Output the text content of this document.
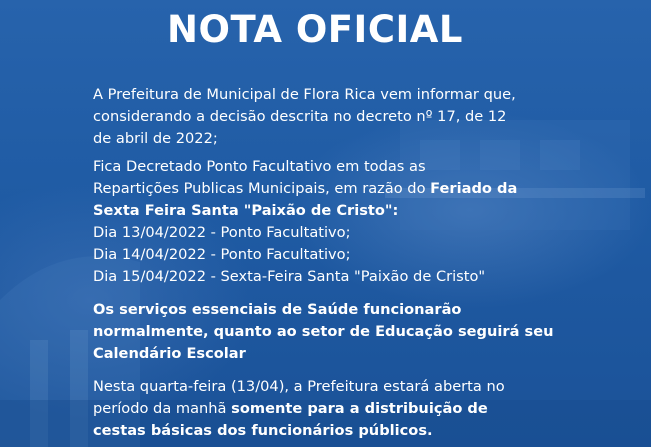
NOTA OFICIAL

A Prefeitura de Municipal de Flora Rica vem informar que,
considerando a decisão descrita no decreto nº 17, de 12
de abril de 2022;

Fica Decretado Ponto Facultativo em todas as
Repartições Publicas Municipais, em razão do Feriado da
Sexta Feira Santa "Paixão de Cristo":
Dia 13/04/2022 - Ponto Facultativo;
Dia 14/04/2022 - Ponto Facultativo;
Dia 15/04/2022 - Sexta-Feira Santa "Paixão de Cristo"

Os serviços essenciais de Saúde funcionarão
normalmente, quanto ao setor de Educação seguirá seu
Calendário Escolar

Nesta quarta-feira (13/04), a Prefeitura estará aberta no
período da manhã somente para a distribuição de
cestas básicas dos funcionários públicos.
